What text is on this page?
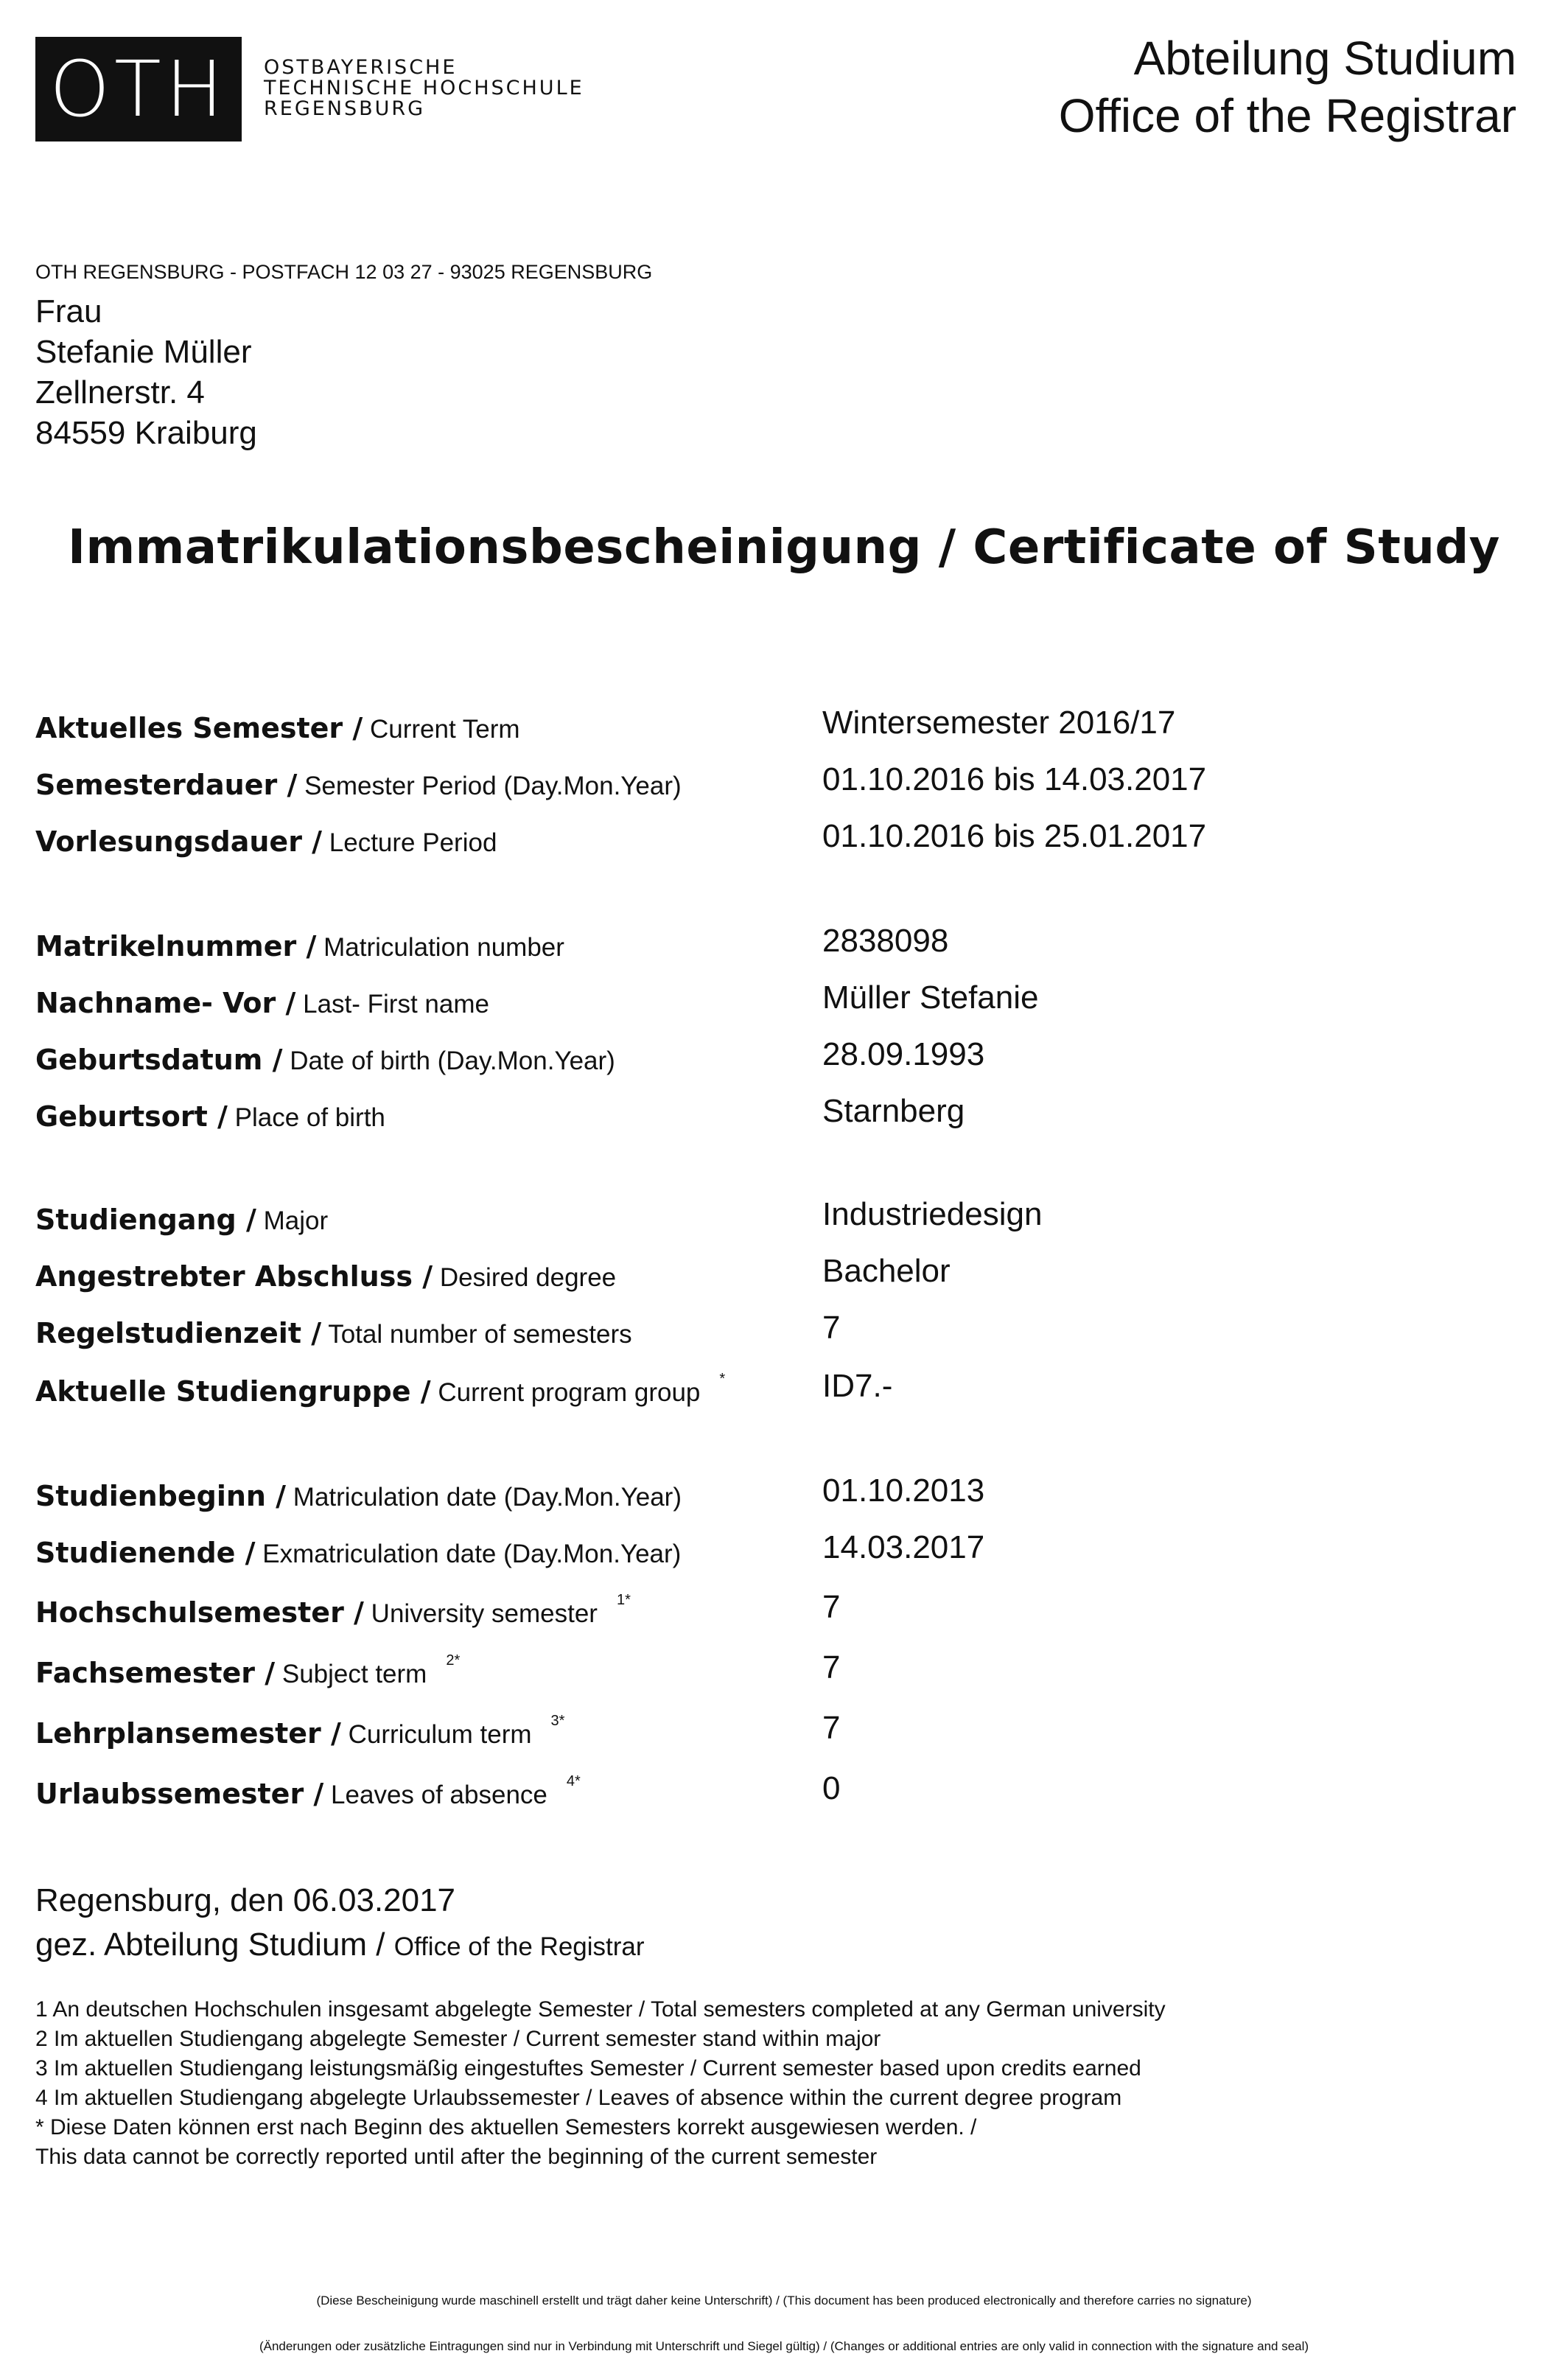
OTH	OSTBAYERISCHE
TECHNISCHE HOCHSCHULE
REGENSBURG
Abteilung Studium
Office of the Registrar
OTH REGENSBURG - POSTFACH 12 03 27 - 93025 REGENSBURG
Frau
Stefanie Müller
Zellnerstr. 4
84559 Kraiburg
Immatrikulationsbescheinigung / Certificate of Study
Aktuelles Semester / Current Term	Wintersemester 2016/17
Semesterdauer / Semester Period (Day.Mon.Year)	01.10.2016 bis 14.03.2017
Vorlesungsdauer / Lecture Period	01.10.2016 bis 25.01.2017
Matrikelnummer / Matriculation number	2838098
Nachname- Vor / Last- First name	Müller Stefanie
Geburtsdatum / Date of birth (Day.Mon.Year)	28.09.1993
Geburtsort / Place of birth	Starnberg
Studiengang / Major	Industriedesign
Angestrebter Abschluss / Desired degree	Bachelor
Regelstudienzeit / Total number of semesters	7
Aktuelle Studiengruppe / Current program group *	ID7.-
Studienbeginn / Matriculation date (Day.Mon.Year)	01.10.2013
Studienende / Exmatriculation date (Day.Mon.Year)	14.03.2017
Hochschulsemester / University semester $^{1*}$	7
Fachsemester / Subject term $^{2*}$	7
Lehrplansemester / Curriculum term $^{3*}$	7
Urlaubssemester / Leaves of absence $^{4*}$	0
Regensburg, den 06.03.2017
gez. Abteilung Studium / Office of the Registrar
1 An deutschen Hochschulen insgesamt abgelegte Semester / Total semesters completed at any German university
2 Im aktuellen Studiengang abgelegte Semester / Current semester stand within major
3 Im aktuellen Studiengang leistungsmäßig eingestuftes Semester / Current semester based upon credits earned
4 Im aktuellen Studiengang abgelegte Urlaubssemester / Leaves of absence within the current degree program
* Diese Daten können erst nach Beginn des aktuellen Semesters korrekt ausgewiesen werden. /
This data cannot be correctly reported until after the beginning of the current semester
(Diese Bescheinigung wurde maschinell erstellt und trägt daher keine Unterschrift) / (This document has been produced electronically and therefore carries no signature)
(Änderungen oder zusätzliche Eintragungen sind nur in Verbindung mit Unterschrift und Siegel gültig) / (Changes or additional entries are only valid in connection with the signature and seal)
